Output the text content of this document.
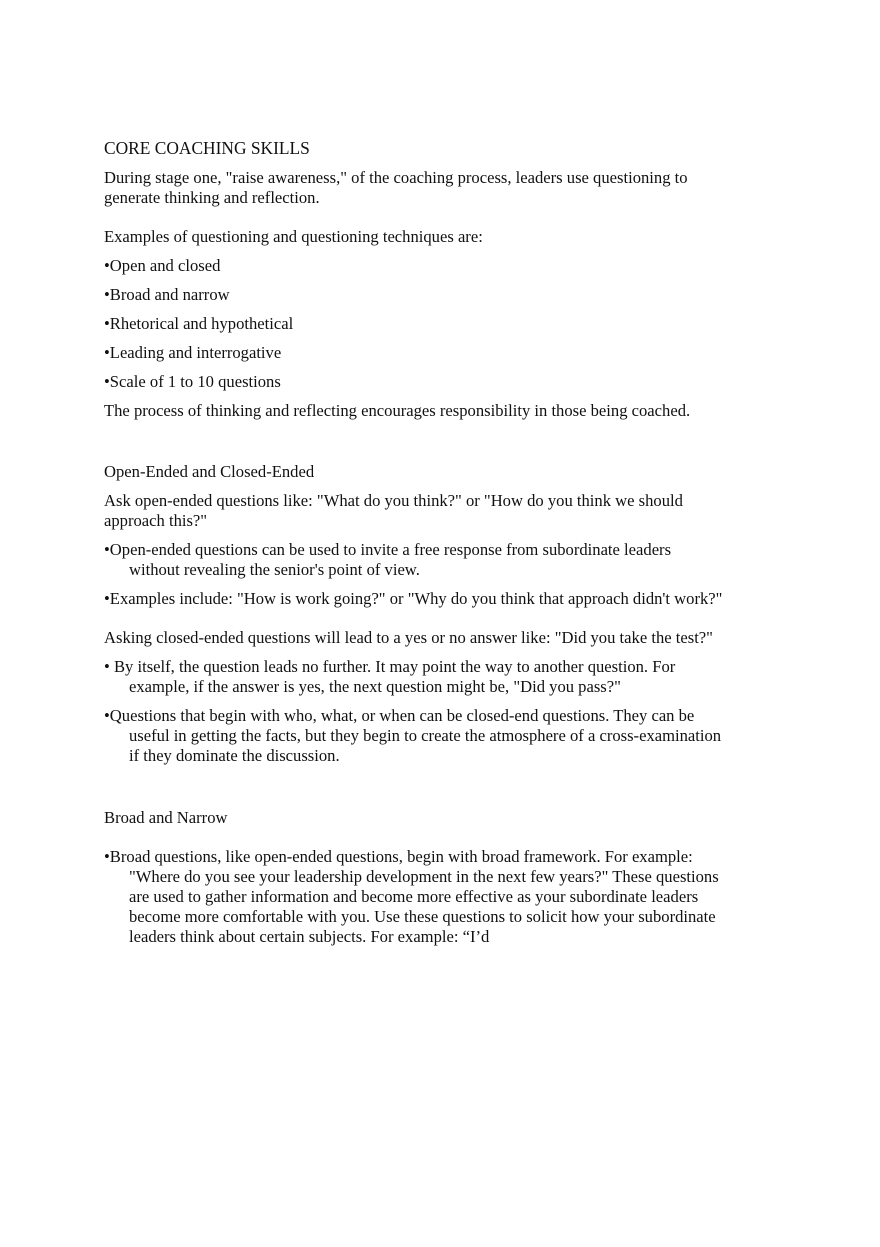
CORE COACHING SKILLS

During stage one, "raise awareness," of the coaching process, leaders use questioning to generate thinking and reflection.

Examples of questioning and questioning techniques are:

•Open and closed
•Broad and narrow
•Rhetorical and hypothetical
•Leading and interrogative
•Scale of 1 to 10 questions

The process of thinking and reflecting encourages responsibility in those being coached.

Open-Ended and Closed-Ended

Ask open-ended questions like: "What do you think?" or "How do you think we should approach this?"

•Open-ended questions can be used to invite a free response from subordinate leaders without revealing the senior's point of view.

•Examples include: "How is work going?" or "Why do you think that approach didn't work?"

Asking closed-ended questions will lead to a yes or no answer like: "Did you take the test?"

• By itself, the question leads no further. It may point the way to another question. For example, if the answer is yes, the next question might be, "Did you pass?"

•Questions that begin with who, what, or when can be closed-end questions. They can be useful in getting the facts, but they begin to create the atmosphere of a cross-examination if they dominate the discussion.

Broad and Narrow

•Broad questions, like open-ended questions, begin with broad framework. For example: "Where do you see your leadership development in the next few years?" These questions are used to gather information and become more effective as your subordinate leaders become more comfortable with you. Use these questions to solicit how your subordinate leaders think about certain subjects. For example: “I’d
